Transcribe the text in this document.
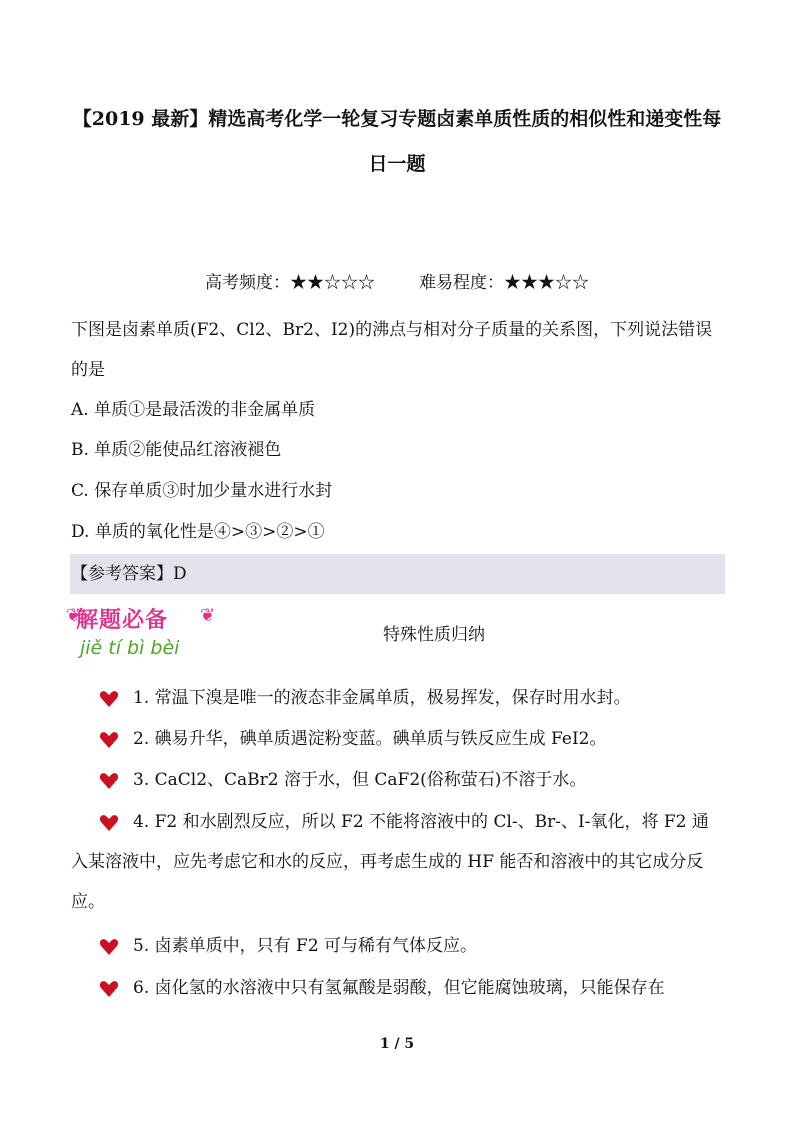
【2019 最新】精选高考化学一轮复习专题卤素单质性质的相似性和递变性每日一题
高考频度：★★☆☆☆	难易程度：★★★☆☆
下图是卤素单质(F2、Cl2、Br2、I2)的沸点与相对分子质量的关系图，下列说法错误的是
A. 单质①是最活泼的非金属单质
B. 单质②能使品红溶液褪色
C. 保存单质③时加少量水进行水封
D. 单质的氧化性是④>③>②>①
【参考答案】D
❦
解题必备 ❦
jiě tí bì bèi
特殊性质归纳
1. 常温下溴是唯一的液态非金属单质，极易挥发，保存时用水封。
2. 碘易升华，碘单质遇淀粉变蓝。碘单质与铁反应生成 FeI2。
3. CaCl2、CaBr2 溶于水，但 CaF2(俗称萤石)不溶于水。
4. F2 和水剧烈反应，所以 F2 不能将溶液中的 Cl-、Br-、I-氧化，将 F2 通入某溶液中，应先考虑它和水的反应，再考虑生成的 HF 能否和溶液中的其它成分反应。
5. 卤素单质中，只有 F2 可与稀有气体反应。
6. 卤化氢的水溶液中只有氢氟酸是弱酸，但它能腐蚀玻璃，只能保存在
1 / 5
